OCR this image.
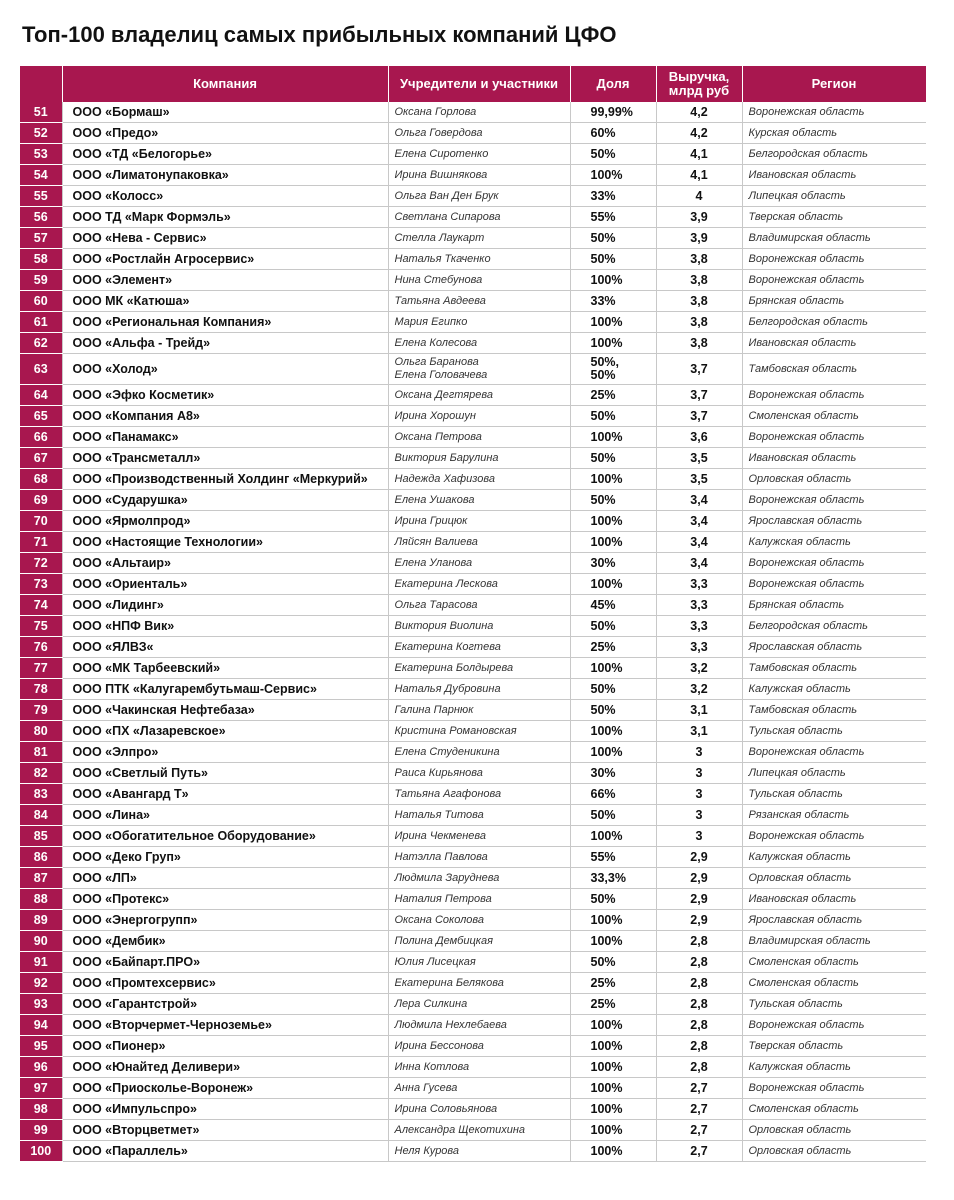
Топ-100 владелиц самых прибыльных компаний ЦФО
	Компания	Учредители и участники	Доля	Выручка,
млрд руб	Регион
51	ООО «Бормаш»	Оксана Горлова	99,99%	4,2	Воронежская область
52	ООО «Предо»	Ольга Говердова	60%	4,2	Курская область
53	ООО «ТД «Белогорье»	Елена Сиротенко	50%	4,1	Белгородская область
54	ООО «Лиматонупаковка»	Ирина Вишнякова	100%	4,1	Ивановская область
55	ООО «Колосс»	Ольга Ван Ден Брук	33%	4	Липецкая область
56	ООО ТД «Марк Формэль»	Светлана Сипарова	55%	3,9	Тверская область
57	ООО «Нева - Сервис»	Стелла Лаукарт	50%	3,9	Владимирская область
58	ООО «Ростлайн Агросервис»	Наталья Ткаченко	50%	3,8	Воронежская область
59	ООО «Элемент»	Нина Стебунова	100%	3,8	Воронежская область
60	ООО МК «Катюша»	Татьяна Авдеева	33%	3,8	Брянская область
61	ООО «Региональная Компания»	Мария Египко	100%	3,8	Белгородская область
62	ООО «Альфа - Трейд»	Елена Колесова	100%	3,8	Ивановская область
63	ООО «Холод»	Ольга Баранова
Елена Головачева	50%,
50%	3,7	Тамбовская область
64	ООО «Эфко Косметик»	Оксана Дегтярева	25%	3,7	Воронежская область
65	ООО «Компания А8»	Ирина Хорошун	50%	3,7	Смоленская область
66	ООО «Панамакс»	Оксана Петрова	100%	3,6	Воронежская область
67	ООО «Трансметалл»	Виктория Барулина	50%	3,5	Ивановская область
68	ООО «Производственный Холдинг «Меркурий»	Надежда Хафизова	100%	3,5	Орловская область
69	ООО «Сударушка»	Елена Ушакова	50%	3,4	Воронежская область
70	ООО «Ярмолпрод»	Ирина Грицюк	100%	3,4	Ярославская область
71	ООО «Настоящие Технологии»	Ляйсян Валиева	100%	3,4	Калужская область
72	ООО «Альтаир»	Елена Уланова	30%	3,4	Воронежская область
73	ООО «Ориенталь»	Екатерина Лескова	100%	3,3	Воронежская область
74	ООО «Лидинг»	Ольга Тарасова	45%	3,3	Брянская область
75	ООО «НПФ Вик»	Виктория Виолина	50%	3,3	Белгородская область
76	ООО «ЯЛВЗ«	Екатерина Когтева	25%	3,3	Ярославская область
77	ООО «МК Тарбеевский»	Екатерина Болдырева	100%	3,2	Тамбовская область
78	ООО ПТК «Калугарембутьмаш-Сервис»	Наталья Дубровина	50%	3,2	Калужская область
79	ООО «Чакинская Нефтебаза»	Галина Парнюк	50%	3,1	Тамбовская область
80	ООО «ПХ «Лазаревское»	Кристина Романовская	100%	3,1	Тульская область
81	ООО «Элпро»	Елена Студеникина	100%	3	Воронежская область
82	ООО «Светлый Путь»	Раиса Кирьянова	30%	3	Липецкая область
83	ООО «Авангард Т»	Татьяна Агафонова	66%	3	Тульская область
84	ООО «Лина»	Наталья Титова	50%	3	Рязанская область
85	ООО «Обогатительное Оборудование»	Ирина Чекменева	100%	3	Воронежская область
86	ООО «Деко Груп»	Натэлла Павлова	55%	2,9	Калужская область
87	ООО «ЛП»	Людмила Заруднева	33,3%	2,9	Орловская область
88	ООО «Протекс»	Наталия Петрова	50%	2,9	Ивановская область
89	ООО «Энергогрупп»	Оксана Соколова	100%	2,9	Ярославская область
90	ООО «Дембик»	Полина Дембицкая	100%	2,8	Владимирская область
91	ООО «Байпарт.ПРО»	Юлия Лисецкая	50%	2,8	Смоленская область
92	ООО «Промтехсервис»	Екатерина Белякова	25%	2,8	Смоленская область
93	ООО «Гарантстрой»	Лера Силкина	25%	2,8	Тульская область
94	ООО «Вторчермет-Черноземье»	Людмила Нехлебаева	100%	2,8	Воронежская область
95	ООО «Пионер»	Ирина Бессонова	100%	2,8	Тверская область
96	ООО «Юнайтед Деливери»	Инна Котлова	100%	2,8	Калужская область
97	ООО «Приосколье-Воронеж»	Анна Гусева	100%	2,7	Воронежская область
98	ООО «Импульспро»	Ирина Соловьянова	100%	2,7	Смоленская область
99	ООО «Вторцветмет»	Александра Щекотихина	100%	2,7	Орловская область
100	ООО «Параллель»	Неля Курова	100%	2,7	Орловская область
